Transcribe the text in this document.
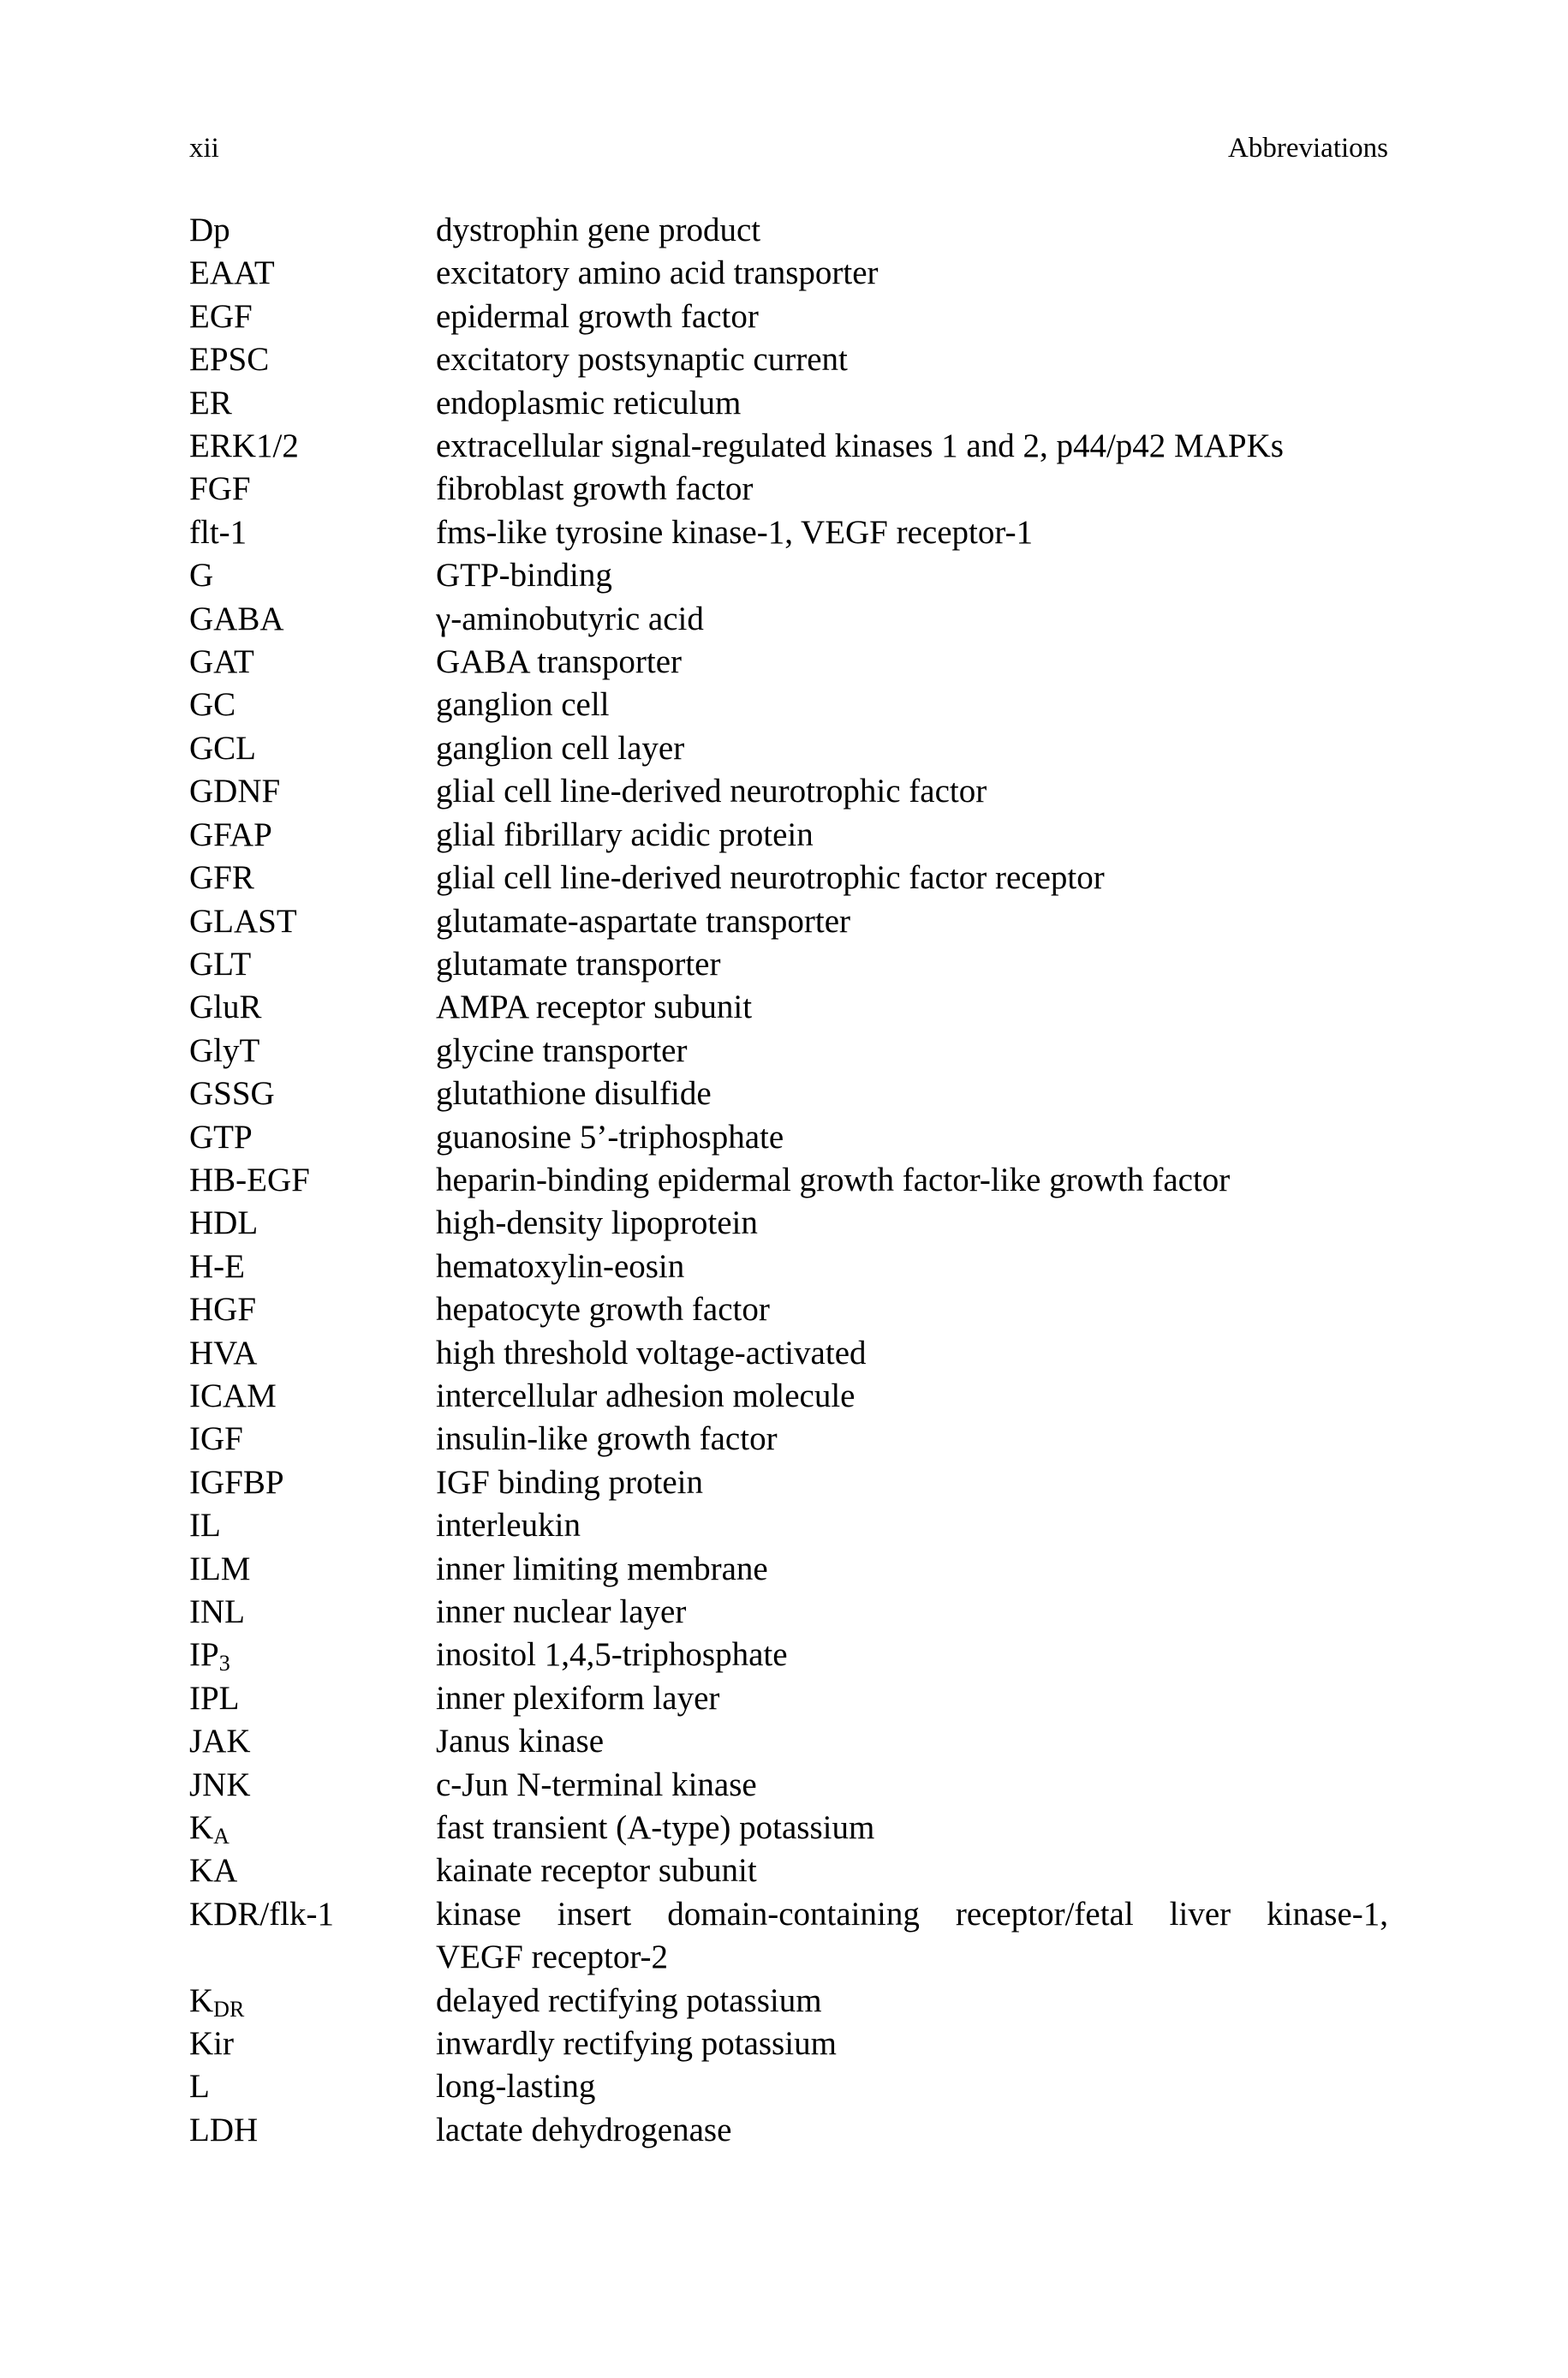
xii	Abbreviations
Dp	dystrophin gene product
EAAT	excitatory amino acid transporter
EGF	epidermal growth factor
EPSC	excitatory postsynaptic current
ER	endoplasmic reticulum
ERK1/2	extracellular signal-regulated kinases 1 and 2, p44/p42 MAPKs
FGF	fibroblast growth factor
flt-1	fms-like tyrosine kinase-1, VEGF receptor-1
G	GTP-binding
GABA	γ-aminobutyric acid
GAT	GABA transporter
GC	ganglion cell
GCL	ganglion cell layer
GDNF	glial cell line-derived neurotrophic factor
GFAP	glial fibrillary acidic protein
GFR	glial cell line-derived neurotrophic factor receptor
GLAST	glutamate-aspartate transporter
GLT	glutamate transporter
GluR	AMPA receptor subunit
GlyT	glycine transporter
GSSG	glutathione disulfide
GTP	guanosine 5’-triphosphate
HB-EGF	heparin-binding epidermal growth factor-like growth factor
HDL	high-density lipoprotein
H-E	hematoxylin-eosin
HGF	hepatocyte growth factor
HVA	high threshold voltage-activated
ICAM	intercellular adhesion molecule
IGF	insulin-like growth factor
IGFBP	IGF binding protein
IL	interleukin
ILM	inner limiting membrane
INL	inner nuclear layer
$IP_3$	inositol 1,4,5-triphosphate
IPL	inner plexiform layer
JAK	Janus kinase
JNK	c-Jun N-terminal kinase
$K_A$	fast transient (A-type) potassium
KA	kainate receptor subunit
KDR/flk-1	kinase insert domain-containing receptor/fetal liver kinase-1,
VEGF receptor-2
$K_{DR}$	delayed rectifying potassium
Kir	inwardly rectifying potassium
L	long-lasting
LDH	lactate dehydrogenase
